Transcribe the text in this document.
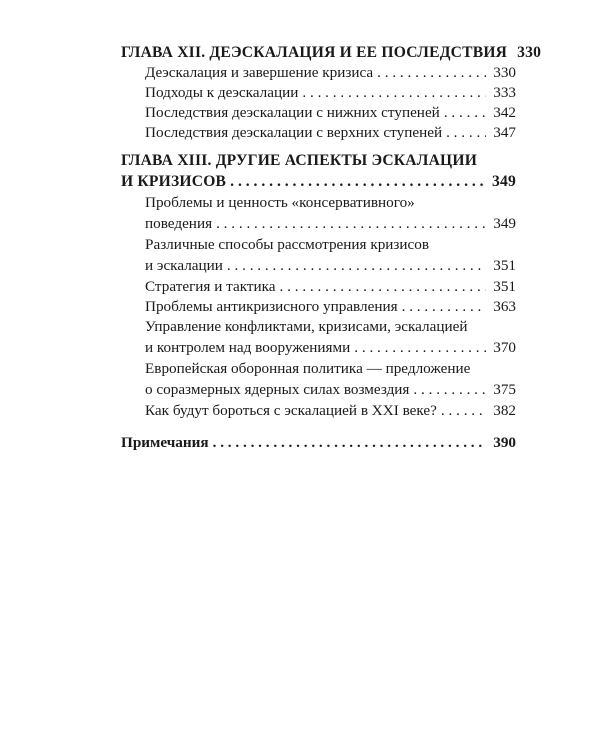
ГЛАВА XII. ДЕЭСКАЛАЦИЯ И ЕЕ ПОСЛЕДСТВИЯ 330
Деэскалация и завершение кризиса . . .	330
Подходы к деэскалации . . .	333
Последствия деэскалации с нижних ступеней . . .	342
Последствия деэскалации с верхних ступеней . . .	347
ГЛАВА XIII. ДРУГИЕ АСПЕКТЫ ЭСКАЛАЦИИ
И КРИЗИСОВ . . .	349
Проблемы и ценность «консервативного»
поведения . . .	349
Различные способы рассмотрения кризисов
и эскалации . . .	351
Стратегия и тактика . . .	351
Проблемы антикризисного управления . . .	363
Управление конфликтами, кризисами, эскалацией
и контролем над вооружениями . . .	370
Европейская оборонная политика — предложение
о соразмерных ядерных силах возмездия . . .	375
Как будут бороться с эскалацией в XXI веке? . . .	382
Примечания . . .	390
